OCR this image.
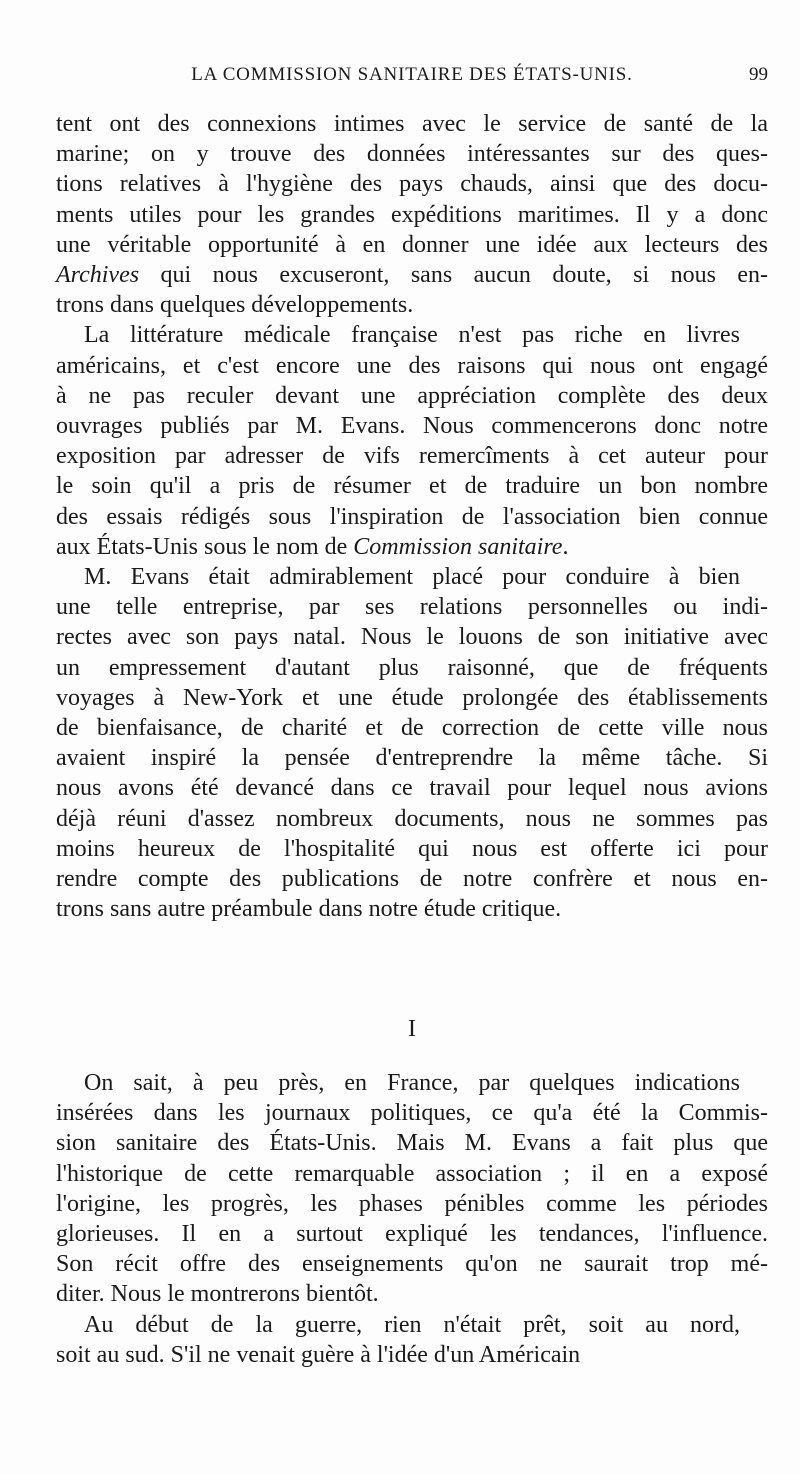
LA COMMISSION SANITAIRE DES ÉTATS-UNIS.	99

tent ont des connexions intimes avec le service de santé de la
marine; on y trouve des données intéressantes sur des ques-
tions relatives à l'hygiène des pays chauds, ainsi que des docu-
ments utiles pour les grandes expéditions maritimes. Il y a donc
une véritable opportunité à en donner une idée aux lecteurs des
Archives qui nous excuseront, sans aucun doute, si nous en-
trons dans quelques développements.

La littérature médicale française n'est pas riche en livres
américains, et c'est encore une des raisons qui nous ont engagé
à ne pas reculer devant une appréciation complète des deux
ouvrages publiés par M. Evans. Nous commencerons donc notre
exposition par adresser de vifs remercîments à cet auteur pour
le soin qu'il a pris de résumer et de traduire un bon nombre
des essais rédigés sous l'inspiration de l'association bien connue
aux États-Unis sous le nom de Commission sanitaire.

M. Evans était admirablement placé pour conduire à bien
une telle entreprise, par ses relations personnelles ou indi-
rectes avec son pays natal. Nous le louons de son initiative avec
un empressement d'autant plus raisonné, que de fréquents
voyages à New-York et une étude prolongée des établissements
de bienfaisance, de charité et de correction de cette ville nous
avaient inspiré la pensée d'entreprendre la même tâche. Si
nous avons été devancé dans ce travail pour lequel nous avions
déjà réuni d'assez nombreux documents, nous ne sommes pas
moins heureux de l'hospitalité qui nous est offerte ici pour
rendre compte des publications de notre confrère et nous en-
trons sans autre préambule dans notre étude critique.

I

On sait, à peu près, en France, par quelques indications
insérées dans les journaux politiques, ce qu'a été la Commis-
sion sanitaire des États-Unis. Mais M. Evans a fait plus que
l'historique de cette remarquable association ; il en a exposé
l'origine, les progrès, les phases pénibles comme les périodes
glorieuses. Il en a surtout expliqué les tendances, l'influence.
Son récit offre des enseignements qu'on ne saurait trop mé-
diter. Nous le montrerons bientôt.

Au début de la guerre, rien n'était prêt, soit au nord,
soit au sud. S'il ne venait guère à l'idée d'un Américain
